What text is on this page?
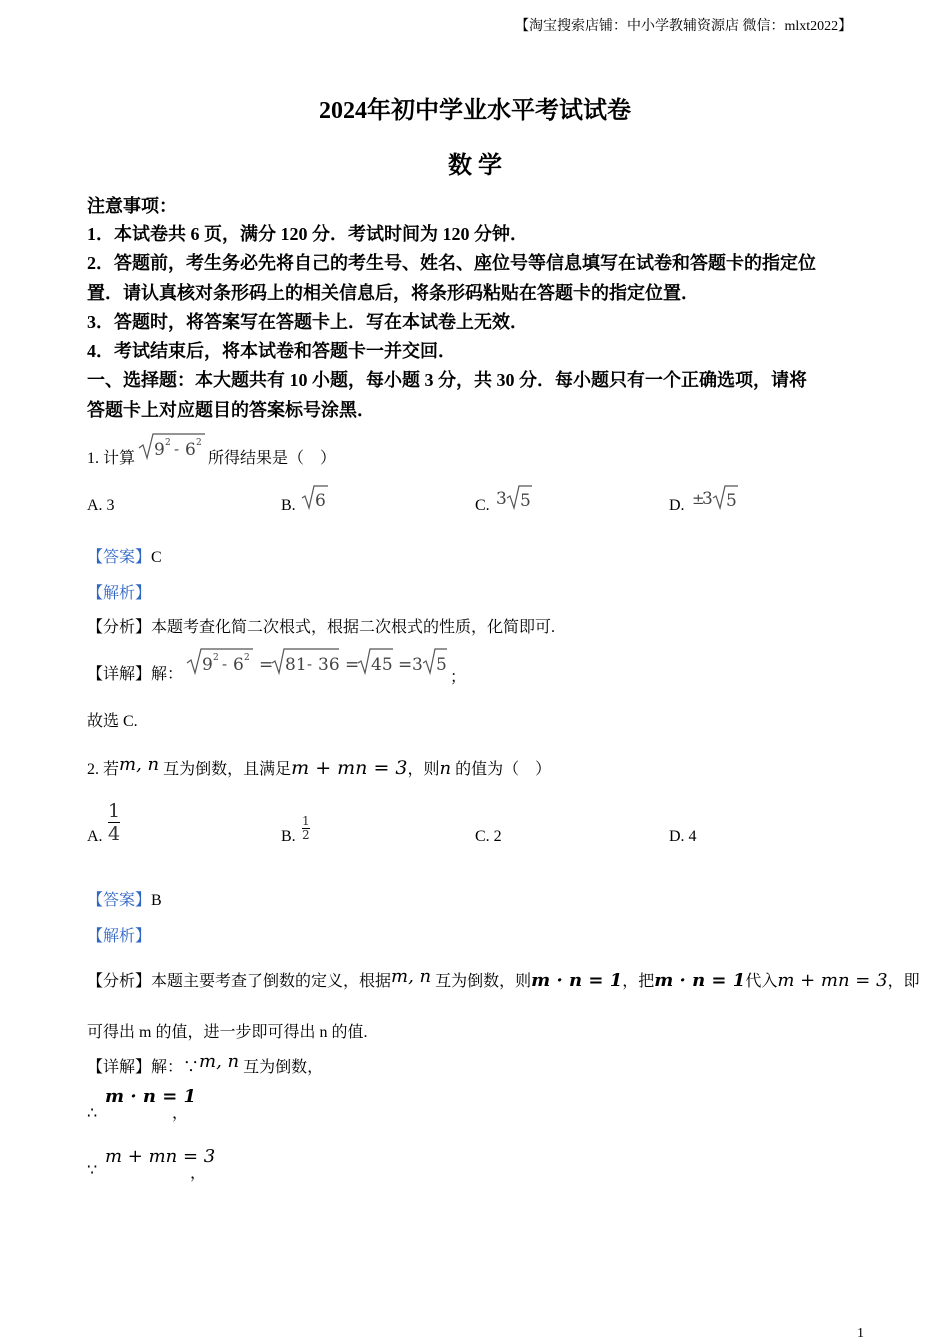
【淘宝搜索店铺：中小学教辅资源店 微信：mlxt2022】
2024年初中学业水平考试试卷
数 学
注意事项：
1．本试卷共 6 页，满分 120 分．考试时间为 120 分钟．
2．答题前，考生务必先将自己的考生号、姓名、座位号等信息填写在试卷和答题卡的指定位
置．请认真核对条形码上的相关信息后，将条形码粘贴在答题卡的指定位置．
3．答题时，将答案写在答题卡上．写在本试卷上无效．
4．考试结束后，将本试卷和答题卡一并交回．
一、选择题：本大题共有 10 小题，每小题 3 分，共 30 分．每小题只有一个正确选项，请将
答题卡上对应题目的答案标号涂黑．
1. 计算 9 2 - 6 2
所得结果是（　）
A. 3	B. 6	C. 3 5	D. ±
3 5
【答案】C
【解析】
【分析】本题考查化简二次根式，根据二次根式的性质，化简即可.
【详解】解： 9 2 - 6 2 = 81 - 36 = 45 = 3 5
；
故选 C.
2. 若m, n 互为倒数，且满足m + mn = 3，则n 的值为（　）
A. $\frac{1}{4}$	B. $\frac{1}{2}$	C. 2	D. 4
【答案】B
【解析】
【分析】本题主要考查了倒数的定义，根据m, n 互为倒数，则m · n = 1，把m · n = 1代入m + mn = 3，即
可得出 m 的值，进一步即可得出 n 的值.
【详解】解：∵m, n 互为倒数，
∴
m · n = 1
，
∵
m + mn = 3
，
1
